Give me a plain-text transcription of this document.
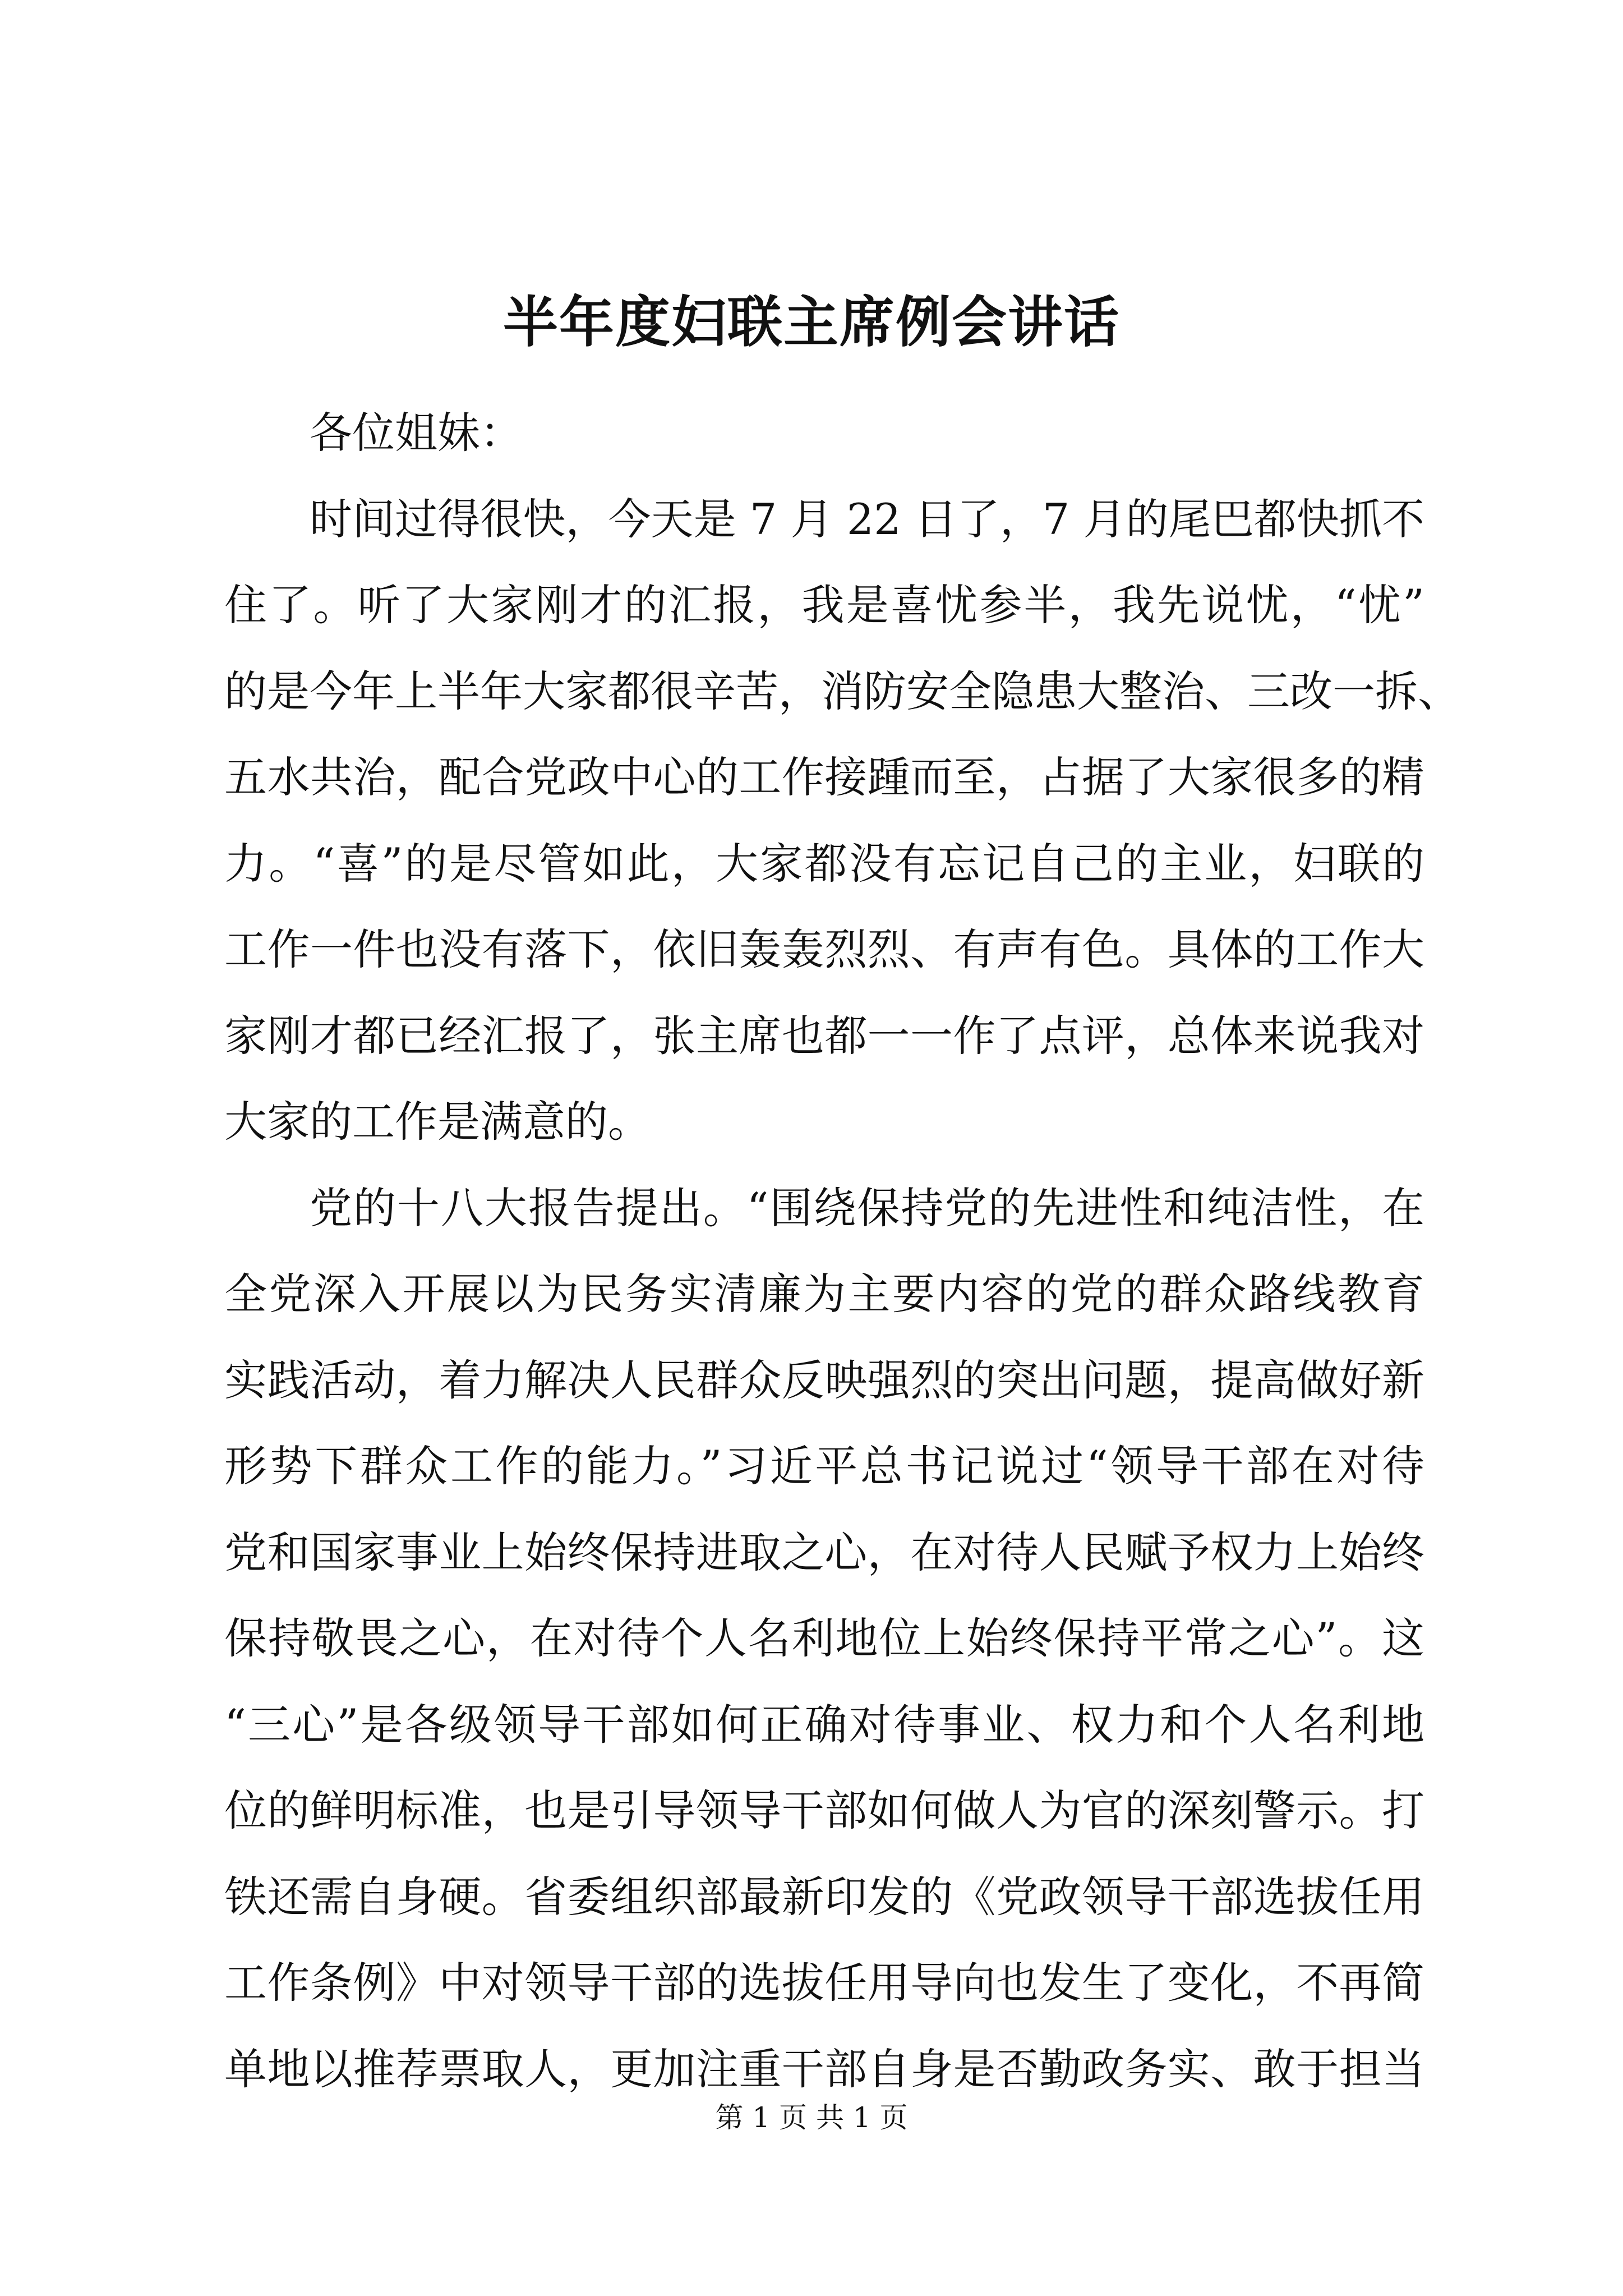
半年度妇联主席例会讲话
各位姐妹：
时间过得很快，今天是 7 月 22 日了，7 月的尾巴都快抓不
住了。听了大家刚才的汇报，我是喜忧参半，我先说忧，“忧”
的是今年上半年大家都很辛苦，消防安全隐患大整治、三改一拆、
五水共治，配合党政中心的工作接踵而至，占据了大家很多的精
力。“喜”的是尽管如此，大家都没有忘记自己的主业，妇联的
工作一件也没有落下，依旧轰轰烈烈、有声有色。具体的工作大
家刚才都已经汇报了，张主席也都一一作了点评，总体来说我对
大家的工作是满意的。
党的十八大报告提出。“围绕保持党的先进性和纯洁性，在
全党深入开展以为民务实清廉为主要内容的党的群众路线教育
实践活动，着力解决人民群众反映强烈的突出问题，提高做好新
形势下群众工作的能力。”习近平总书记说过“领导干部在对待
党和国家事业上始终保持进取之心，在对待人民赋予权力上始终
保持敬畏之心，在对待个人名利地位上始终保持平常之心”。这
“三心”是各级领导干部如何正确对待事业、权力和个人名利地
位的鲜明标准，也是引导领导干部如何做人为官的深刻警示。打
铁还需自身硬。省委组织部最新印发的《党政领导干部选拔任用
工作条例》中对领导干部的选拔任用导向也发生了变化，不再简
单地以推荐票取人，更加注重干部自身是否勤政务实、敢于担当
第 1 页 共 1 页
